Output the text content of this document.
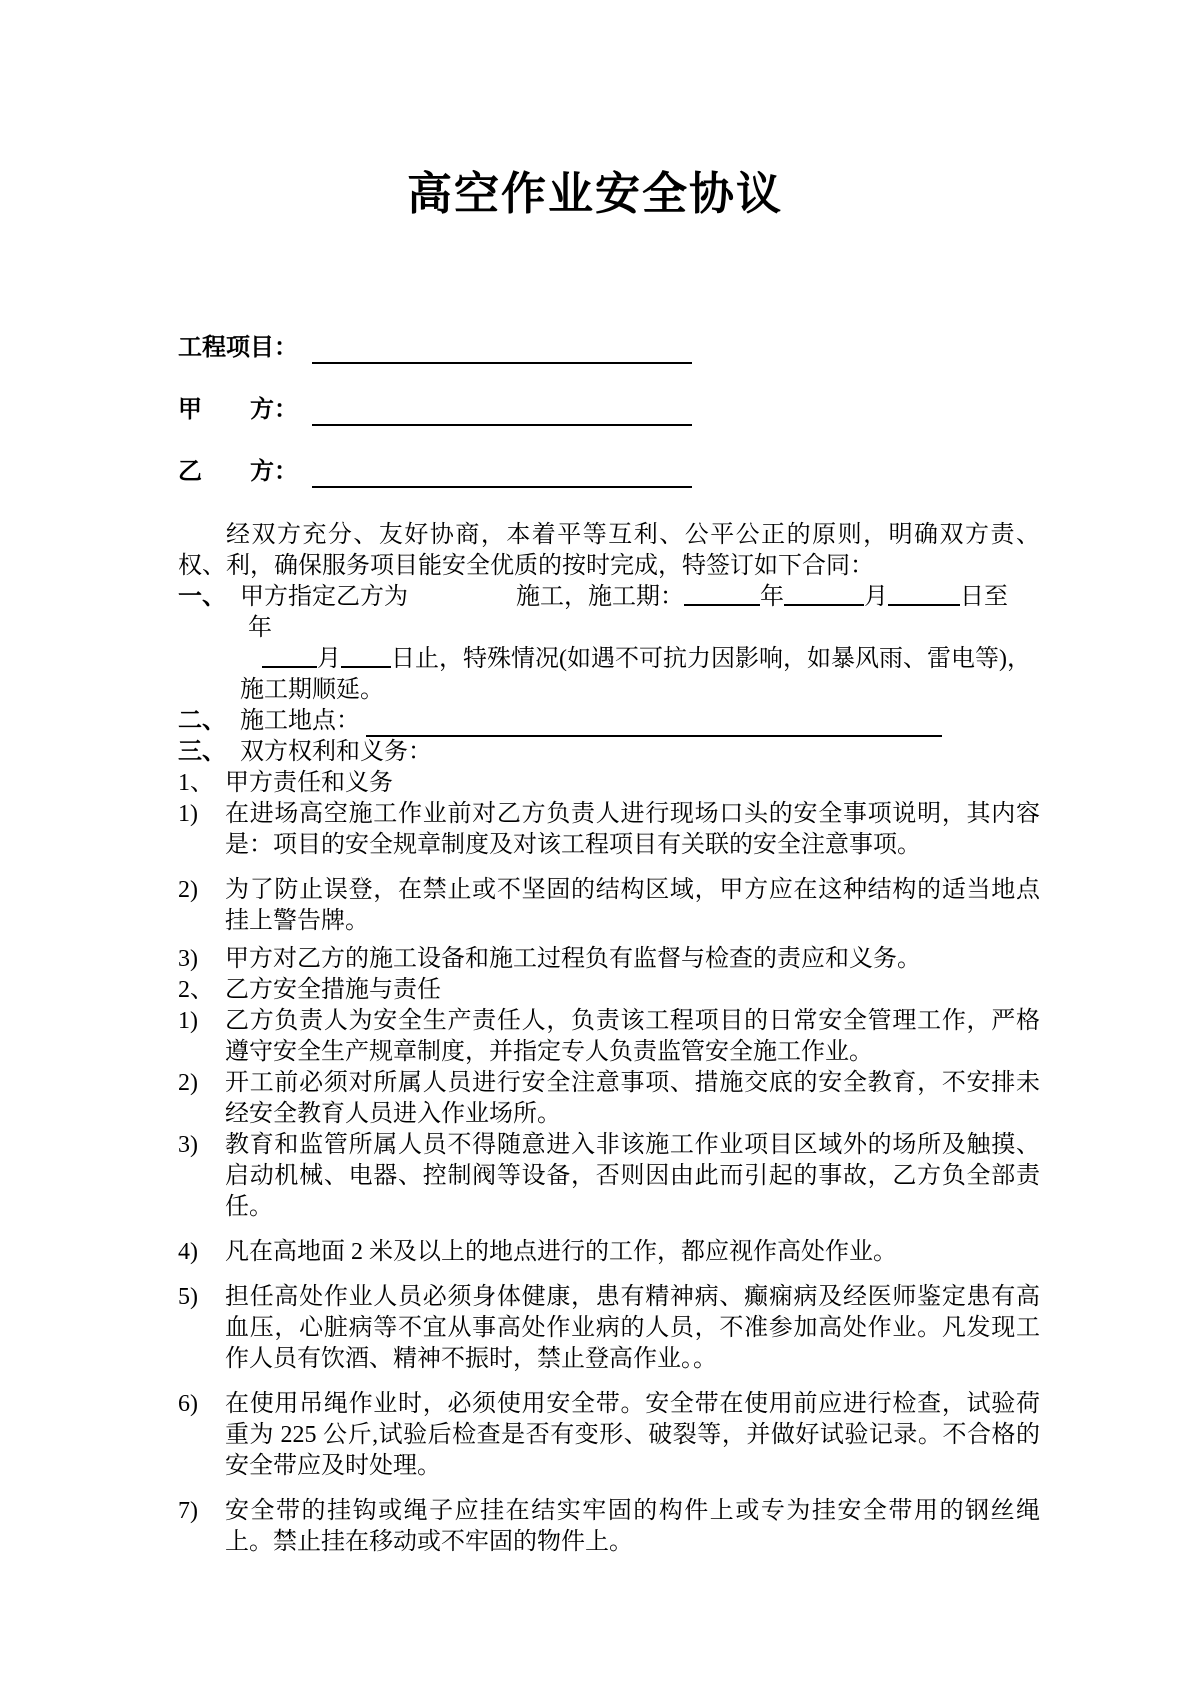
高空作业安全协议
工程项目：
甲　　方：
乙　　方：

经双方充分、友好协商，本着平等互利、公平公正的原则，明确双方责、权、利，确保服务项目能安全优质的按时完成，特签订如下合同：

一、 甲方指定乙方为	施工，施工期：	年	月	日至
年
月 日止，特殊情况(如遇不可抗力因影响，如暴风雨、雷电等)，
施工期顺延。
二、 施工地点：
三、 双方权利和义务：
1、 甲方责任和义务
1)	在进场高空施工作业前对乙方负责人进行现场口头的安全事项说明，其内容是：项目的安全规章制度及对该工程项目有关联的安全注意事项。
2)	为了防止误登，在禁止或不坚固的结构区域，甲方应在这种结构的适当地点挂上警告牌。
3)	甲方对乙方的施工设备和施工过程负有监督与检查的责应和义务。
2、 乙方安全措施与责任
1)	乙方负责人为安全生产责任人，负责该工程项目的日常安全管理工作，严格遵守安全生产规章制度，并指定专人负责监管安全施工作业。
2)	开工前必须对所属人员进行安全注意事项、措施交底的安全教育，不安排未经安全教育人员进入作业场所。
3)	教育和监管所属人员不得随意进入非该施工作业项目区域外的场所及触摸、启动机械、电器、控制阀等设备，否则因由此而引起的事故，乙方负全部责任。
4)	凡在高地面 2 米及以上的地点进行的工作，都应视作高处作业。
5)	担任高处作业人员必须身体健康，患有精神病、癫痫病及经医师鉴定患有高血压，心脏病等不宜从事高处作业病的人员，不准参加高处作业。凡发现工作人员有饮酒、精神不振时，禁止登高作业。。
6)	在使用吊绳作业时，必须使用安全带。安全带在使用前应进行检查，试验荷重为 225 公斤,试验后检查是否有变形、破裂等，并做好试验记录。不合格的安全带应及时处理。
7)	安全带的挂钩或绳子应挂在结实牢固的构件上或专为挂安全带用的钢丝绳上。禁止挂在移动或不牢固的物件上。
